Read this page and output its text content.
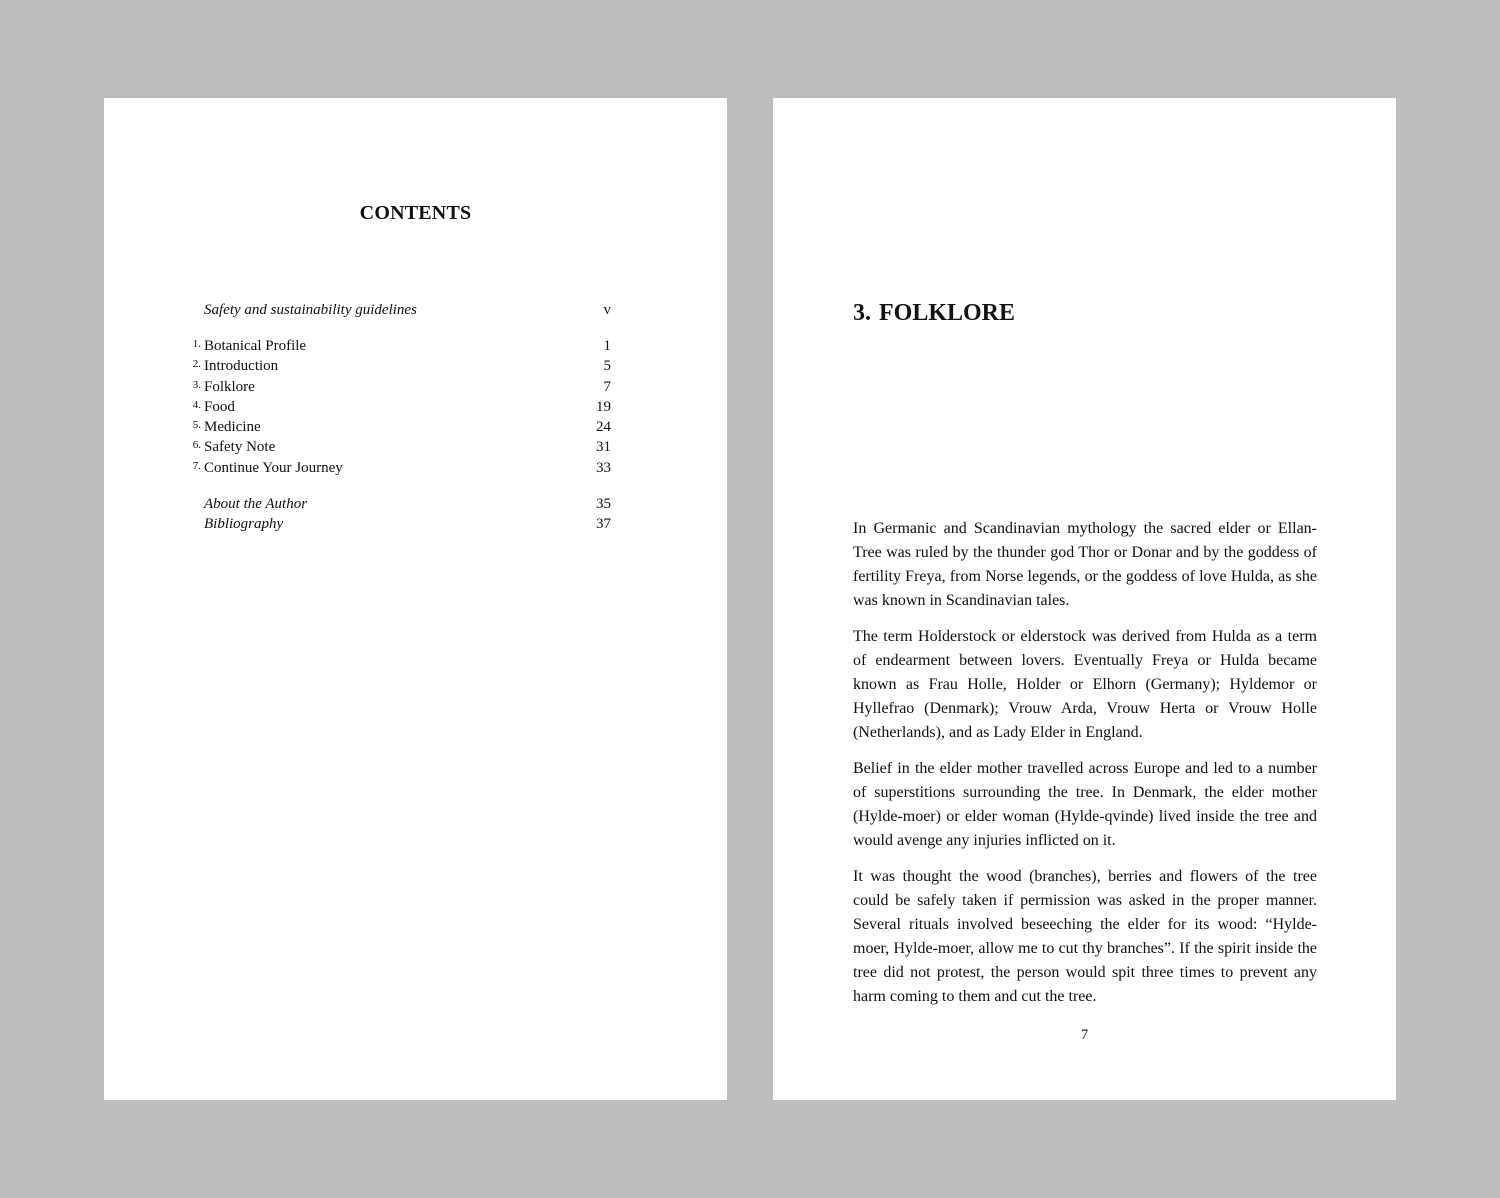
CONTENTS
Safety and sustainability guidelines	v
1. Botanical Profile	1
2. Introduction	5
3. Folklore	7
4. Food	19
5. Medicine	24
6. Safety Note	31
7. Continue Your Journey	33
About the Author	35
Bibliography	37
3. FOLKLORE

In Germanic and Scandinavian mythology the sacred elder or Ellan-Tree was ruled by the thunder god Thor or Donar and by the goddess of fertility Freya, from Norse legends, or the goddess of love Hulda, as she was known in Scandinavian tales.

The term Holderstock or elderstock was derived from Hulda as a term of endearment between lovers. Eventually Freya or Hulda became known as Frau Holle, Holder or Elhorn (Germany); Hyldemor or Hyllefrao (Denmark); Vrouw Arda, Vrouw Herta or Vrouw Holle (Netherlands), and as Lady Elder in England.

Belief in the elder mother travelled across Europe and led to a number of superstitions surrounding the tree. In Denmark, the elder mother (Hylde-moer) or elder woman (Hylde-qvinde) lived inside the tree and would avenge any injuries inflicted on it.

It was thought the wood (branches), berries and flowers of the tree could be safely taken if permission was asked in the proper manner. Several rituals involved beseeching the elder for its wood: “Hylde-moer, Hylde-moer, allow me to cut thy branches”. If the spirit inside the tree did not protest, the person would spit three times to prevent any harm coming to them and cut the tree.

7
